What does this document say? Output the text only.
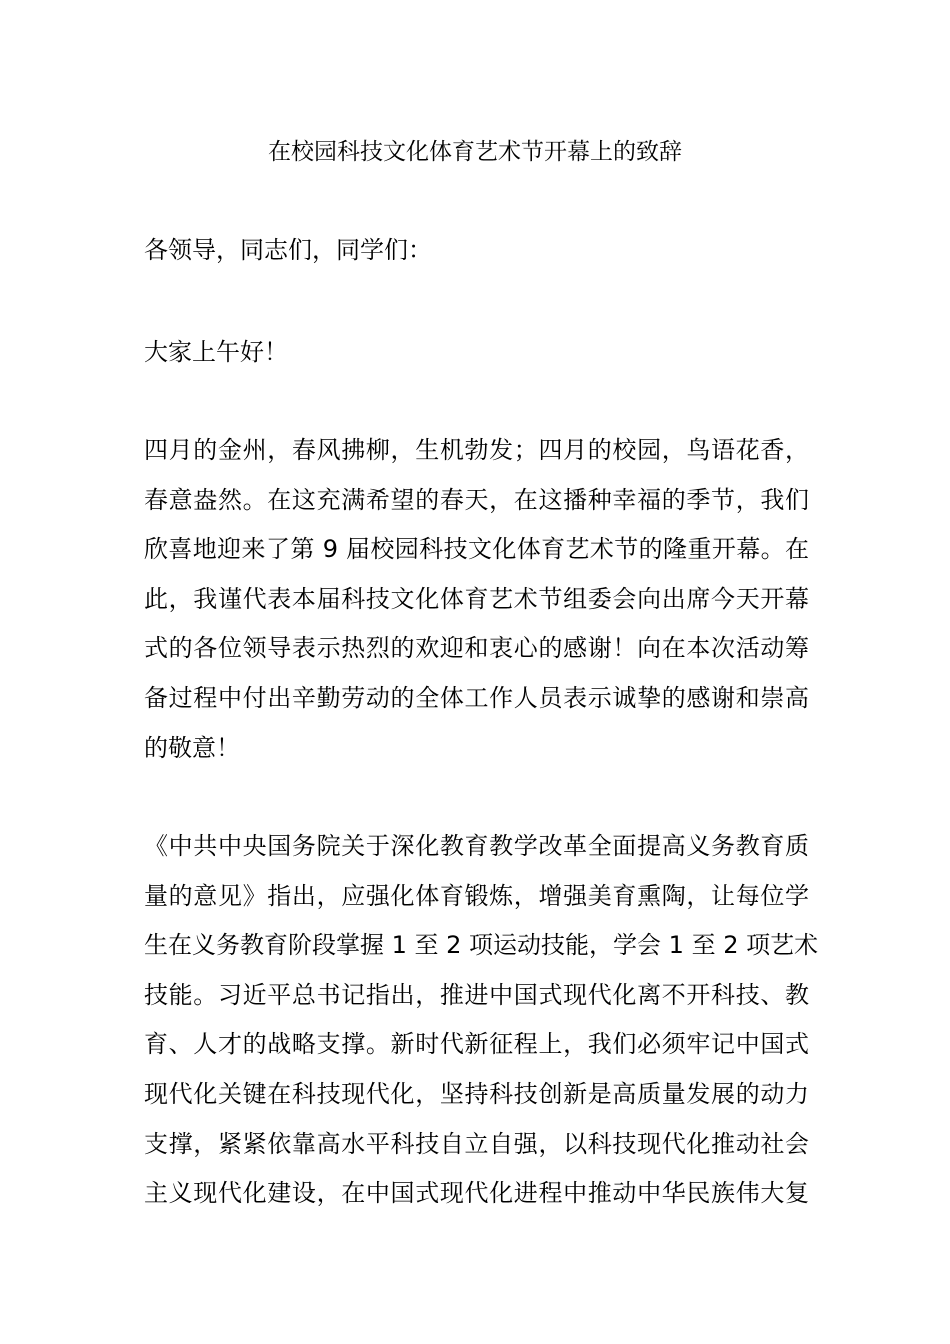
在校园科技文化体育艺术节开幕上的致辞
各领导，同志们，同学们：
大家上午好！
四月的金州，春风拂柳，生机勃发；四月的校园，鸟语花香，
春意盎然。在这充满希望的春天，在这播种幸福的季节，我们
欣喜地迎来了第 9 届校园科技文化体育艺术节的隆重开幕。在
此，我谨代表本届科技文化体育艺术节组委会向出席今天开幕
式的各位领导表示热烈的欢迎和衷心的感谢！向在本次活动筹
备过程中付出辛勤劳动的全体工作人员表示诚挚的感谢和崇高
的敬意！
《中共中央国务院关于深化教育教学改革全面提高义务教育质
量的意见》指出，应强化体育锻炼，增强美育熏陶，让每位学
生在义务教育阶段掌握 1 至 2 项运动技能，学会 1 至 2 项艺术
技能。习近平总书记指出，推进中国式现代化离不开科技、教
育、人才的战略支撑。新时代新征程上，我们必须牢记中国式
现代化关键在科技现代化，坚持科技创新是高质量发展的动力
支撑，紧紧依靠高水平科技自立自强，以科技现代化推动社会
主义现代化建设，在中国式现代化进程中推动中华民族伟大复
